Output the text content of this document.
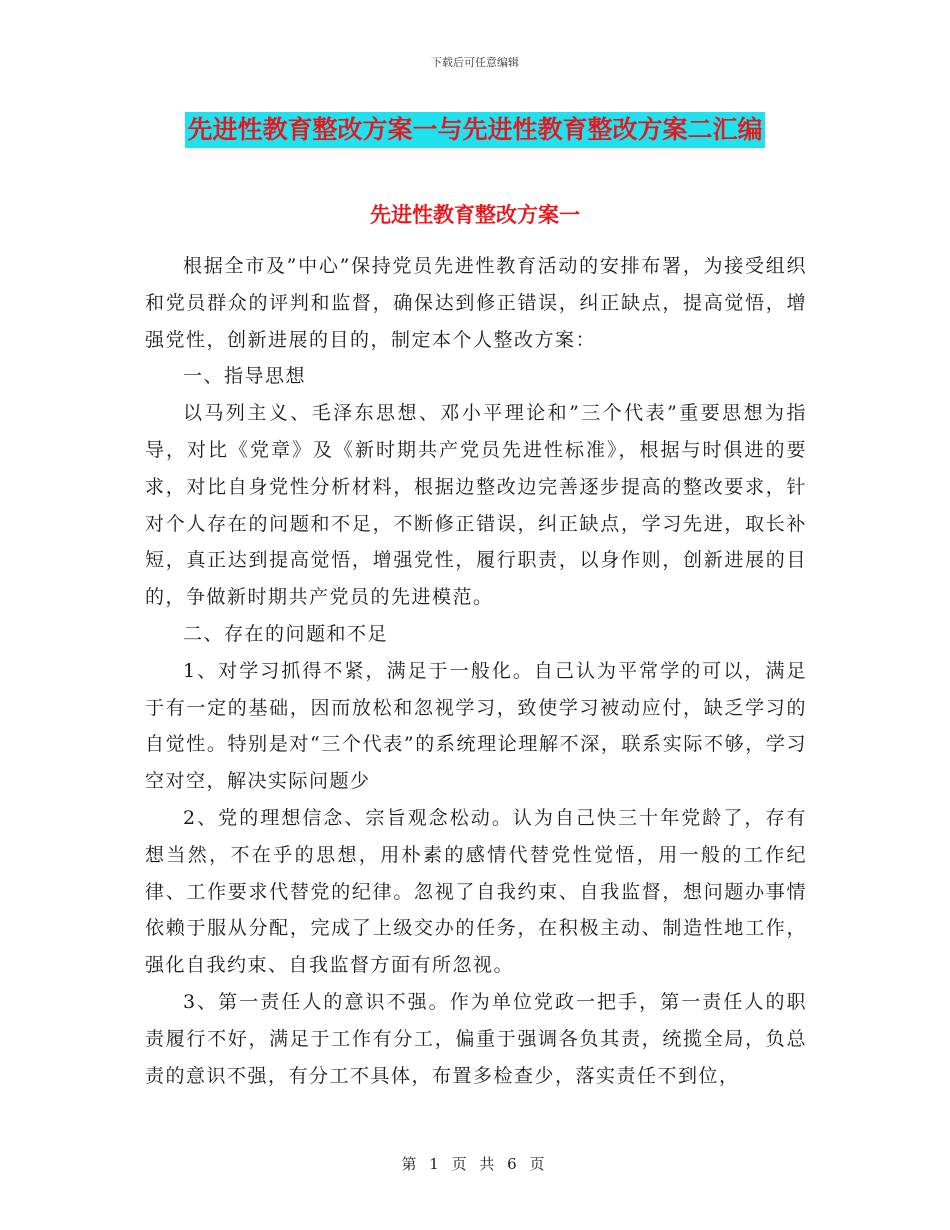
下载后可任意编辑
先进性教育整改方案一与先进性教育整改方案二汇编
先进性教育整改方案一

根据全市及”中心”保持党员先进性教育活动的安排布署，为接受组织和党员群众的评判和监督，确保达到修正错误，纠正缺点，提高觉悟，增强党性，创新进展的目的，制定本个人整改方案：

一、指导思想

以马列主义、毛泽东思想、邓小平理论和”三个代表”重要思想为指导，对比《党章》及《新时期共产党员先进性标准》，根据与时俱进的要求，对比自身党性分析材料，根据边整改边完善逐步提高的整改要求，针对个人存在的问题和不足，不断修正错误，纠正缺点，学习先进，取长补短，真正达到提高觉悟，增强党性，履行职责，以身作则，创新进展的目的，争做新时期共产党员的先进模范。

二、存在的问题和不足

1、对学习抓得不紧，满足于一般化。自己认为平常学的可以，满足于有一定的基础，因而放松和忽视学习，致使学习被动应付，缺乏学习的自觉性。特别是对“三个代表”的系统理论理解不深，联系实际不够，学习空对空，解决实际问题少

2、党的理想信念、宗旨观念松动。认为自己快三十年党龄了，存有想当然，不在乎的思想，用朴素的感情代替党性觉悟，用一般的工作纪律、工作要求代替党的纪律。忽视了自我约束、自我监督，想问题办事情依赖于服从分配，完成了上级交办的任务，在积极主动、制造性地工作，强化自我约束、自我监督方面有所忽视。

3、第一责任人的意识不强。作为单位党政一把手，第一责任人的职责履行不好，满足于工作有分工，偏重于强调各负其责，统揽全局，负总责的意识不强，有分工不具体，布置多检查少，落实责任不到位，

第 1 页 共 6 页
